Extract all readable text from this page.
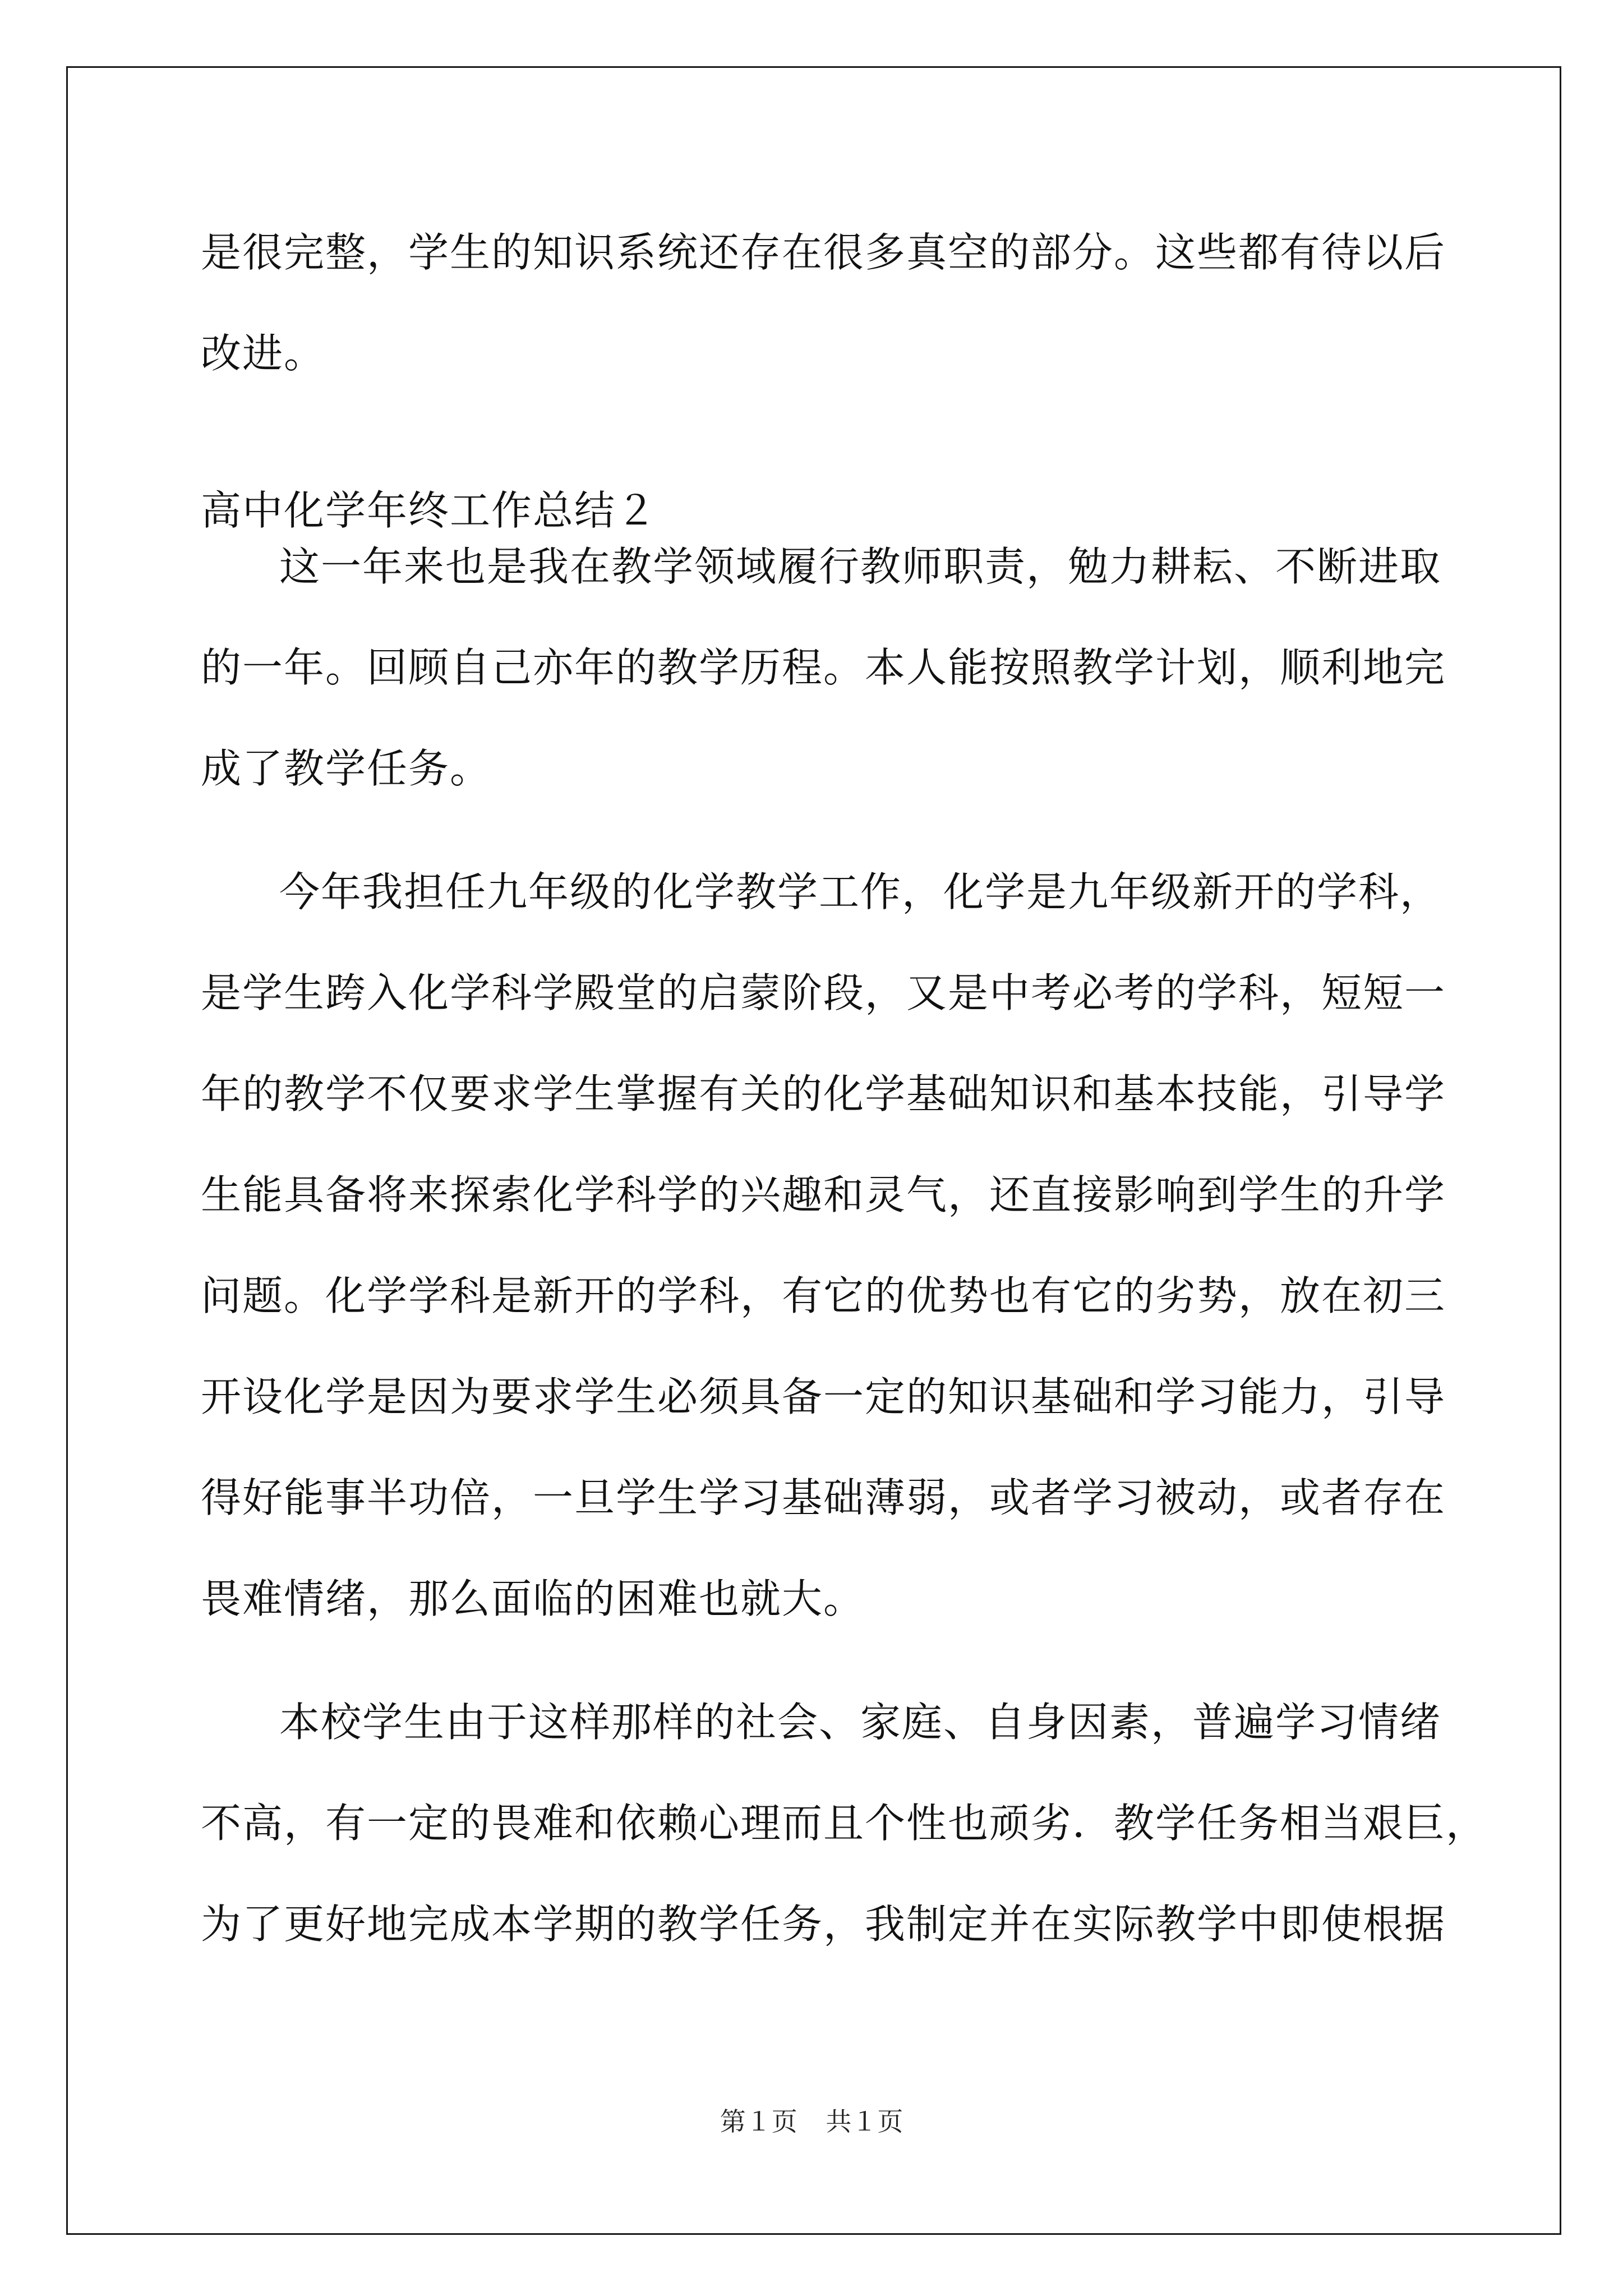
是很完整，学生的知识系统还存在很多真空的部分。这些都有待以后
改进。
高中化学年终工作总结２
这一年来也是我在教学领域履行教师职责，勉力耕耘、不断进取
的一年。回顾自己亦年的教学历程。本人能按照教学计划，顺利地完
成了教学任务。
今年我担任九年级的化学教学工作，化学是九年级新开的学科，
是学生跨入化学科学殿堂的启蒙阶段，又是中考必考的学科，短短一
年的教学不仅要求学生掌握有关的化学基础知识和基本技能，引导学
生能具备将来探索化学科学的兴趣和灵气，还直接影响到学生的升学
问题。化学学科是新开的学科，有它的优势也有它的劣势，放在初三
开设化学是因为要求学生必须具备一定的知识基础和学习能力，引导
得好能事半功倍，一旦学生学习基础薄弱，或者学习被动，或者存在
畏难情绪，那么面临的困难也就大。
本校学生由于这样那样的社会、家庭、自身因素，普遍学习情绪
不高，有一定的畏难和依赖心理而且个性也顽劣．教学任务相当艰巨，
为了更好地完成本学期的教学任务，我制定并在实际教学中即使根据
第１页 共１页
